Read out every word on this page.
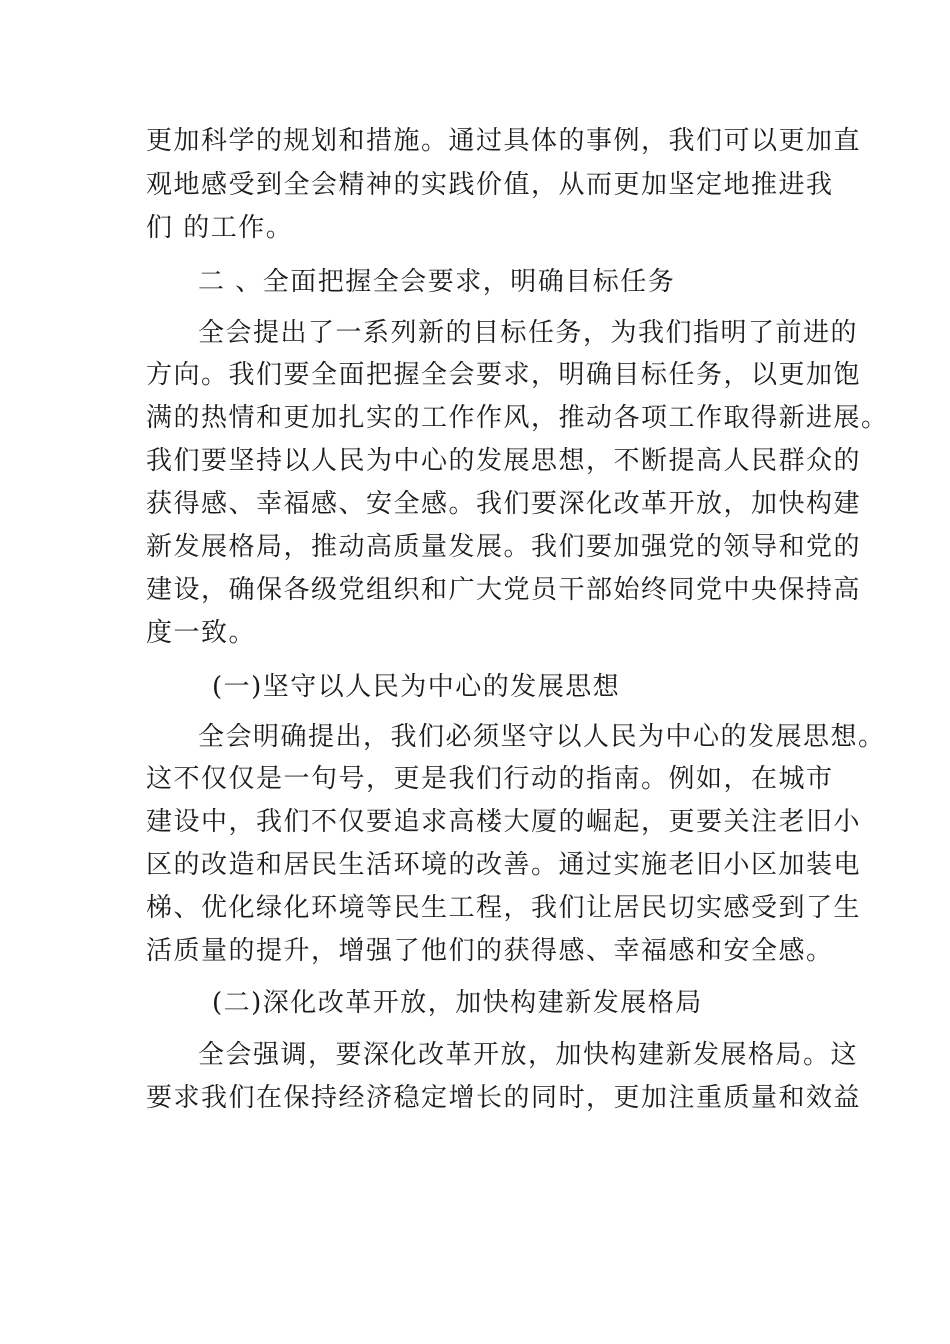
更加科学的规划和措施。通过具体的事例，我们可以更加直
观地感受到全会精神的实践价值，从而更加坚定地推进我
们 的工作。
二 、全面把握全会要求，明确目标任务
全会提出了一系列新的目标任务，为我们指明了前进的
方向。我们要全面把握全会要求，明确目标任务，以更加饱
满的热情和更加扎实的工作作风，推动各项工作取得新进展。
我们要坚持以人民为中心的发展思想，不断提高人民群众的
获得感、幸福感、安全感。我们要深化改革开放，加快构建
新发展格局，推动高质量发展。我们要加强党的领导和党的
建设，确保各级党组织和广大党员干部始终同党中央保持高
度一致。
(一)坚守以人民为中心的发展思想
全会明确提出，我们必须坚守以人民为中心的发展思想。
这不仅仅是一句号，更是我们行动的指南。例如，在城市
建设中，我们不仅要追求高楼大厦的崛起，更要关注老旧小
区的改造和居民生活环境的改善。通过实施老旧小区加装电
梯、优化绿化环境等民生工程，我们让居民切实感受到了生
活质量的提升，增强了他们的获得感、幸福感和安全感。
(二)深化改革开放，加快构建新发展格局
全会强调，要深化改革开放，加快构建新发展格局。这
要求我们在保持经济稳定增长的同时，更加注重质量和效益
